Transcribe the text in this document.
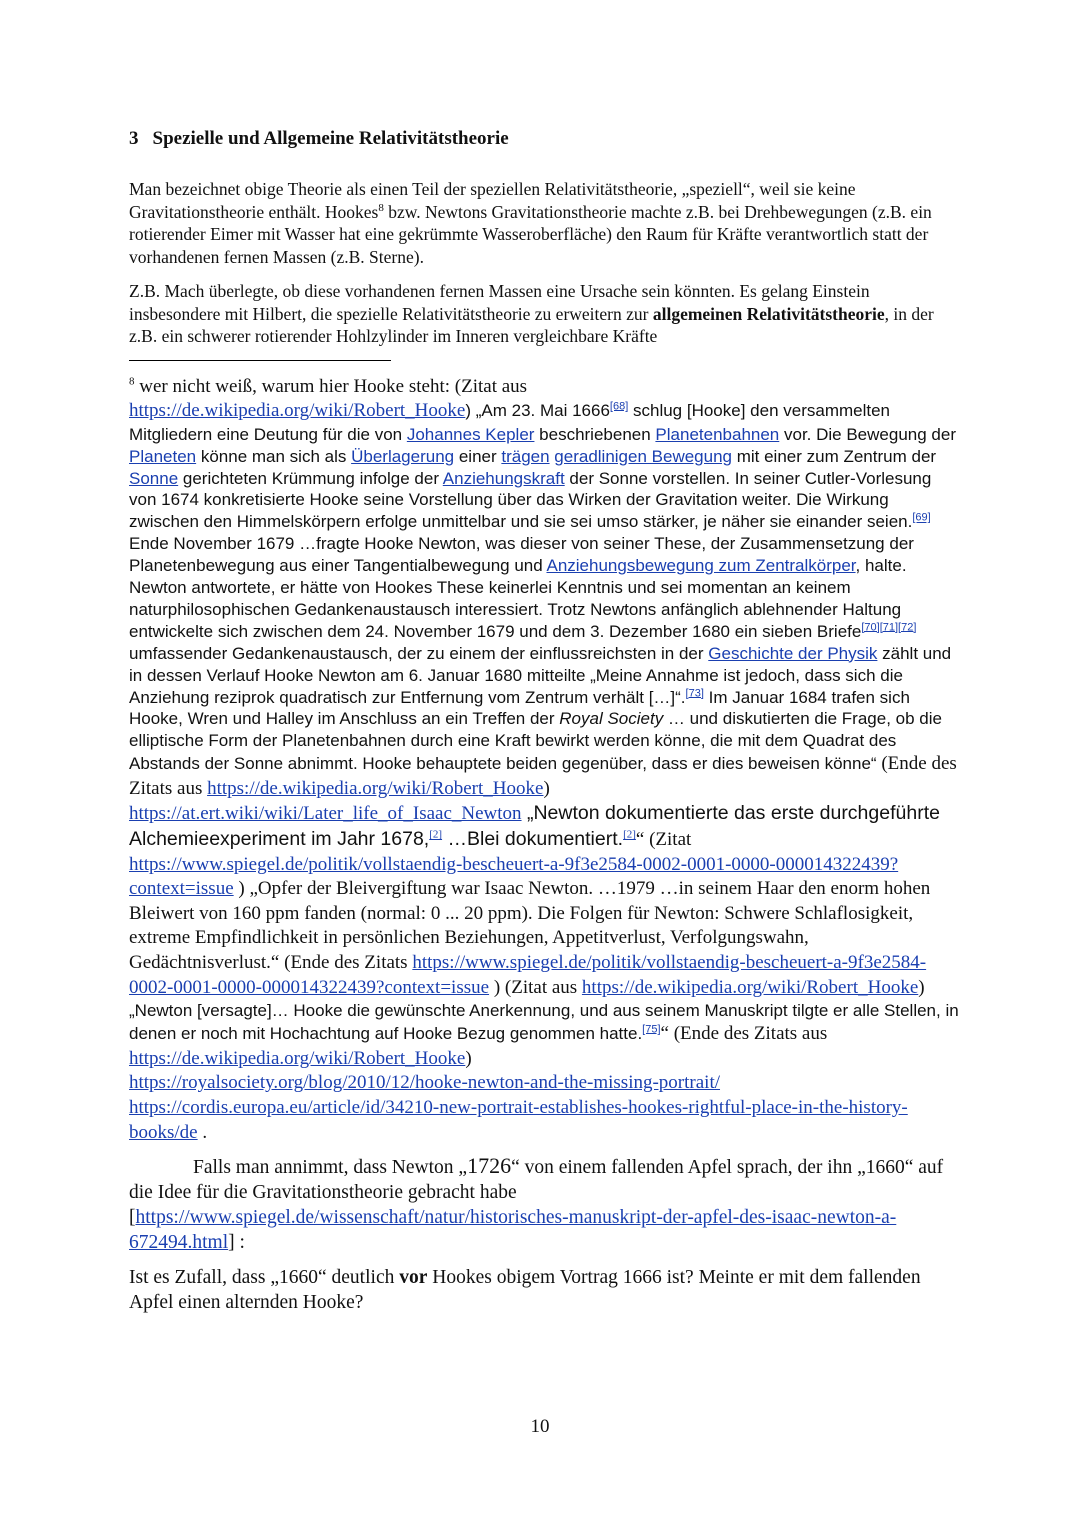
3 Spezielle und Allgemeine Relativitätstheorie

Man bezeichnet obige Theorie als einen Teil der speziellen Relativitätstheorie, „speziell“, weil sie keine Gravitationstheorie enthält. Hookes$^8$ bzw. Newtons Gravitationstheorie machte z.B. bei Drehbewegungen (z.B. ein rotierender Eimer mit Wasser hat eine gekrümmte Wasseroberfläche) den Raum für Kräfte verantwortlich statt der vorhandenen fernen Massen (z.B. Sterne).

Z.B. Mach überlegte, ob diese vorhandenen fernen Massen eine Ursache sein könnten. Es gelang Einstein insbesondere mit Hilbert, die spezielle Relativitätstheorie zu erweitern zur allgemeinen Relativitätstheorie, in der z.B. ein schwerer rotierender Hohlzylinder im Inneren vergleichbare Kräfte

$^8$ wer nicht weiß, warum hier Hooke steht: (Zitat aus

https://de.wikipedia.org/wiki/Robert_Hooke) „Am 23. Mai 1666[68] schlug [Hooke] den versammelten Mitgliedern eine Deutung für die von Johannes Kepler beschriebenen Planetenbahnen vor. Die Bewegung der Planeten könne man sich als Überlagerung einer trägen geradlinigen Bewegung mit einer zum Zentrum der Sonne gerichteten Krümmung infolge der Anziehungskraft der Sonne vorstellen. In seiner Cutler-Vorlesung von 1674 konkretisierte Hooke seine Vorstellung über das Wirken der Gravitation weiter. Die Wirkung zwischen den Himmelskörpern erfolge unmittelbar und sie sei umso stärker, je näher sie einander seien.[69] Ende November 1679 …fragte Hooke Newton, was dieser von seiner These, der Zusammensetzung der Planetenbewegung aus einer Tangentialbewegung und Anziehungsbewegung zum Zentralkörper, halte. Newton antwortete, er hätte von Hookes These keinerlei Kenntnis und sei momentan an keinem naturphilosophischen Gedankenaustausch interessiert. Trotz Newtons anfänglich ablehnender Haltung entwickelte sich zwischen dem 24. November 1679 und dem 3. Dezember 1680 ein sieben Briefe[70][71][72] umfassender Gedankenaustausch, der zu einem der einflussreichsten in der Geschichte der Physik zählt und in dessen Verlauf Hooke Newton am 6. Januar 1680 mitteilte „Meine Annahme ist jedoch, dass sich die Anziehung reziprok quadratisch zur Entfernung vom Zentrum verhält […]“.[73] Im Januar 1684 trafen sich Hooke, Wren und Halley im Anschluss an ein Treffen der Royal Society … und diskutierten die Frage, ob die elliptische Form der Planetenbahnen durch eine Kraft bewirkt werden könne, die mit dem Quadrat des Abstands der Sonne abnimmt. Hooke behauptete beiden gegenüber, dass er dies beweisen könne“ (Ende des Zitats aus https://de.wikipedia.org/wiki/Robert_Hooke)

https://at.ert.wiki/wiki/Later_life_of_Isaac_Newton „Newton dokumentierte das erste durchgeführte Alchemieexperiment im Jahr 1678,[2] …Blei dokumentiert.[2]“ (Zitat https://www.spiegel.de/politik/vollstaendig-bescheuert-a-9f3e2584-0002-0001-0000-000014322439?context=issue ) „Opfer der Bleivergiftung war Isaac Newton. …1979 …in seinem Haar den enorm hohen Bleiwert von 160 ppm fanden (normal: 0 ... 20 ppm). Die Folgen für Newton: Schwere Schlaflosigkeit, extreme Empfindlichkeit in persönlichen Beziehungen, Appetitverlust, Verfolgungswahn, Gedächtnisverlust.“ (Ende des Zitats https://www.spiegel.de/politik/vollstaendig-bescheuert-a-9f3e2584-0002-0001-0000-000014322439?context=issue ) (Zitat aus https://de.wikipedia.org/wiki/Robert_Hooke)

„Newton [versagte]… Hooke die gewünschte Anerkennung, und aus seinem Manuskript tilgte er alle Stellen, in denen er noch mit Hochachtung auf Hooke Bezug genommen hatte.[75]“ (Ende des Zitats aus https://de.wikipedia.org/wiki/Robert_Hooke)

https://royalsociety.org/blog/2010/12/hooke-newton-and-the-missing-portrait/
https://cordis.europa.eu/article/id/34210-new-portrait-establishes-hookes-rightful-place-in-the-history-books/de .

Falls man annimmt, dass Newton „1726“ von einem fallenden Apfel sprach, der ihn „1660“ auf die Idee für die Gravitationstheorie gebracht habe [https://www.spiegel.de/wissenschaft/natur/historisches-manuskript-der-apfel-des-isaac-newton-a-672494.html] :

Ist es Zufall, dass „1660“ deutlich vor Hookes obigem Vortrag 1666 ist? Meinte er mit dem fallenden Apfel einen alternden Hooke?

10
